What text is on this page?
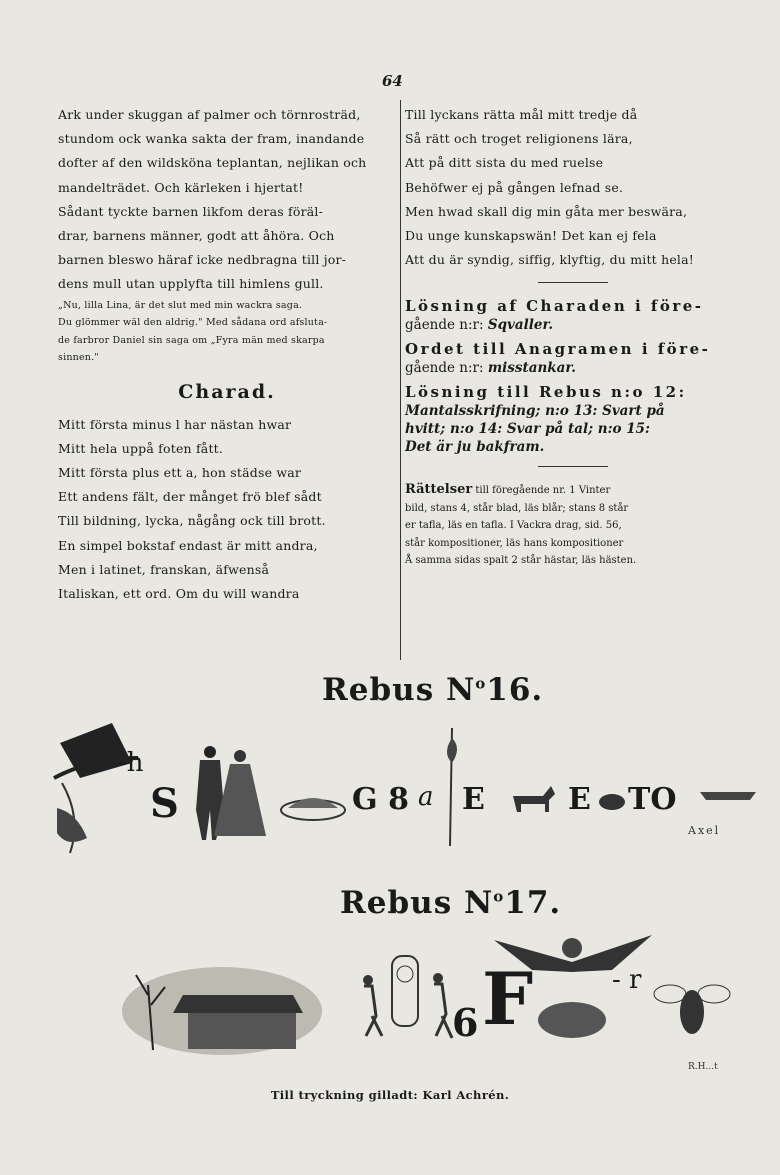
64
Ark under skuggan af palmer och törnrosträd,
stundom ock wanka sakta der fram, inandande
dofter af den wildsköna teplantan, nejlikan och
mandelträdet. Och kärleken i hjertat!
Sådant tyckte barnen likfom deras föräl-
drar, barnens männer, godt att åhöra. Och
barnen bleswo häraf icke nedbragna till jor-
dens mull utan upplyfta till himlens gull.
„Nu, lilla Lina, är det slut med min wackra saga.
Du glömmer wäl den aldrig." Med sådana ord afsluta-
de farbror Daniel sin saga om „Fyra män med skarpa
sinnen."
Charad.
Mitt första minus l har nästan hwar
Mitt hela uppå foten fått.
Mitt första plus ett a, hon städse war
Ett andens fält, der månget frö blef sådt
Till bildning, lycka, någång ock till brott.
En simpel bokstaf endast är mitt andra,
Men i latinet, franskan, äfwenså
Italiskan, ett ord. Om du will wandra
Till lyckans rätta mål mitt tredje då
Så rätt och troget religionens lära,
Att på ditt sista du med ruelse
Behöfwer ej på gången lefnad se.
Men hwad skall dig min gåta mer beswära,
Du unge kunskapswän! Det kan ej fela
Att du är syndig, siffig, klyftig, du mitt hela!
Lösning af Charaden i före-
gående n:r: Sqvaller.
Ordet till Anagramen i före-
gående n:r: misstankar.
Lösning till Rebus n:o 12:
Mantalsskrifning; n:o 13: Svart på
hvitt; n:o 14: Svar på tal; n:o 15:
Det är ju bakfram.
Rättelser till föregående nr. 1 Vinter
bild, stans 4, står blad, läs blår; stans 8 står
er tafla, läs en tafla. I Vackra drag, sid. 56,
står kompositioner, läs hans kompositioner
Å samma sidas spalt 2 står hästar, läs hästen.
Rebus $N^o16$.
-h
S	G 8 a E	E TO
Axel
Rebus $N^o17$.
6 F	- r
R.H...t
Till tryckning gilladt: Karl Achrén.
